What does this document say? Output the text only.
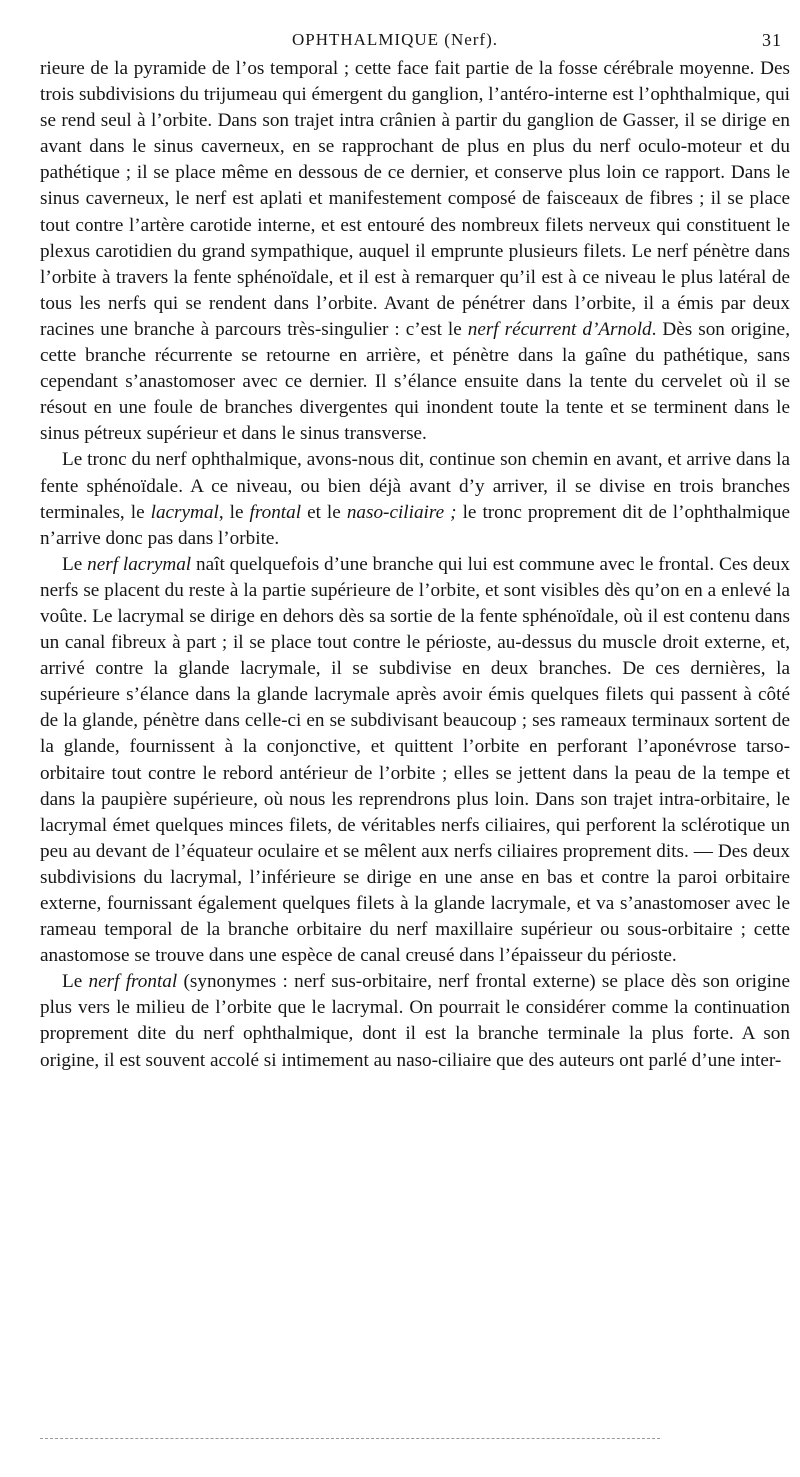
OPHTHALMIQUE (Nerf).	31

rieure de la pyramide de l’os temporal ; cette face fait partie de la fosse cérébrale moyenne. Des trois subdivisions du trijumeau qui émergent du ganglion, l’antéro-interne est l’ophthalmique, qui se rend seul à l’orbite. Dans son trajet intra crânien à partir du ganglion de Gasser, il se dirige en avant dans le sinus caverneux, en se rapprochant de plus en plus du nerf oculo-moteur et du pathétique ; il se place même en dessous de ce dernier, et conserve plus loin ce rapport. Dans le sinus caverneux, le nerf est aplati et manifestement composé de faisceaux de fibres ; il se place tout contre l’artère carotide interne, et est entouré des nombreux filets nerveux qui constituent le plexus carotidien du grand sympathique, auquel il emprunte plusieurs filets. Le nerf pénètre dans l’orbite à travers la fente sphénoïdale, et il est à remarquer qu’il est à ce niveau le plus latéral de tous les nerfs qui se rendent dans l’orbite. Avant de pénétrer dans l’orbite, il a émis par deux racines une branche à parcours très-singulier : c’est le nerf récurrent d’Arnold. Dès son origine, cette branche récurrente se retourne en arrière, et pénètre dans la gaîne du pathétique, sans cependant s’anastomoser avec ce dernier. Il s’élance ensuite dans la tente du cervelet où il se résout en une foule de branches divergentes qui inondent toute la tente et se terminent dans le sinus pétreux supérieur et dans le sinus transverse.

Le tronc du nerf ophthalmique, avons-nous dit, continue son chemin en avant, et arrive dans la fente sphénoïdale. A ce niveau, ou bien déjà avant d’y arriver, il se divise en trois branches terminales, le lacrymal, le frontal et le naso-ciliaire ; le tronc proprement dit de l’ophthalmique n’arrive donc pas dans l’orbite.

Le nerf lacrymal naît quelquefois d’une branche qui lui est commune avec le frontal. Ces deux nerfs se placent du reste à la partie supérieure de l’orbite, et sont visibles dès qu’on en a enlevé la voûte. Le lacrymal se dirige en dehors dès sa sortie de la fente sphénoïdale, où il est contenu dans un canal fibreux à part ; il se place tout contre le périoste, au-dessus du muscle droit externe, et, arrivé contre la glande lacrymale, il se subdivise en deux branches. De ces dernières, la supérieure s’élance dans la glande lacrymale après avoir émis quelques filets qui passent à côté de la glande, pénètre dans celle-ci en se subdivisant beaucoup ; ses rameaux terminaux sortent de la glande, fournissent à la conjonctive, et quittent l’orbite en perforant l’aponévrose tarso-orbitaire tout contre le rebord antérieur de l’orbite ; elles se jettent dans la peau de la tempe et dans la paupière supérieure, où nous les reprendrons plus loin. Dans son trajet intra-orbitaire, le lacrymal émet quelques minces filets, de véritables nerfs ciliaires, qui perforent la sclérotique un peu au devant de l’équateur oculaire et se mêlent aux nerfs ciliaires proprement dits. — Des deux subdivisions du lacrymal, l’inférieure se dirige en une anse en bas et contre la paroi orbitaire externe, fournissant également quelques filets à la glande lacrymale, et va s’anastomoser avec le rameau temporal de la branche orbitaire du nerf maxillaire supérieur ou sous-orbitaire ; cette anastomose se trouve dans une espèce de canal creusé dans l’épaisseur du périoste.

Le nerf frontal (synonymes : nerf sus-orbitaire, nerf frontal externe) se place dès son origine plus vers le milieu de l’orbite que le lacrymal. On pourrait le considérer comme la continuation proprement dite du nerf ophthalmique, dont il est la branche terminale la plus forte. A son origine, il est souvent accolé si intimement au naso-ciliaire que des auteurs ont parlé d’une inter-
